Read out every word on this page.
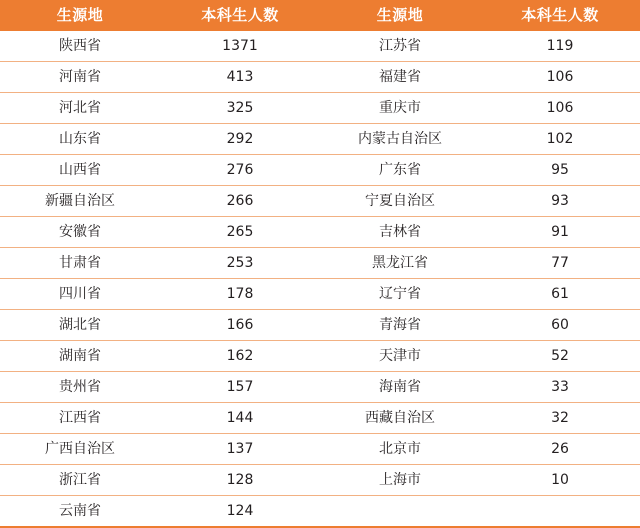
生源地	本科生人数	生源地	本科生人数
陕西省	1371	江苏省	119
河南省	413	福建省	106
河北省	325	重庆市	106
山东省	292	内蒙古自治区	102
山西省	276	广东省	95
新疆自治区	266	宁夏自治区	93
安徽省	265	吉林省	91
甘肃省	253	黑龙江省	77
四川省	178	辽宁省	61
湖北省	166	青海省	60
湖南省	162	天津市	52
贵州省	157	海南省	33
江西省	144	西藏自治区	32
广西自治区	137	北京市	26
浙江省	128	上海市	10
云南省	124		
